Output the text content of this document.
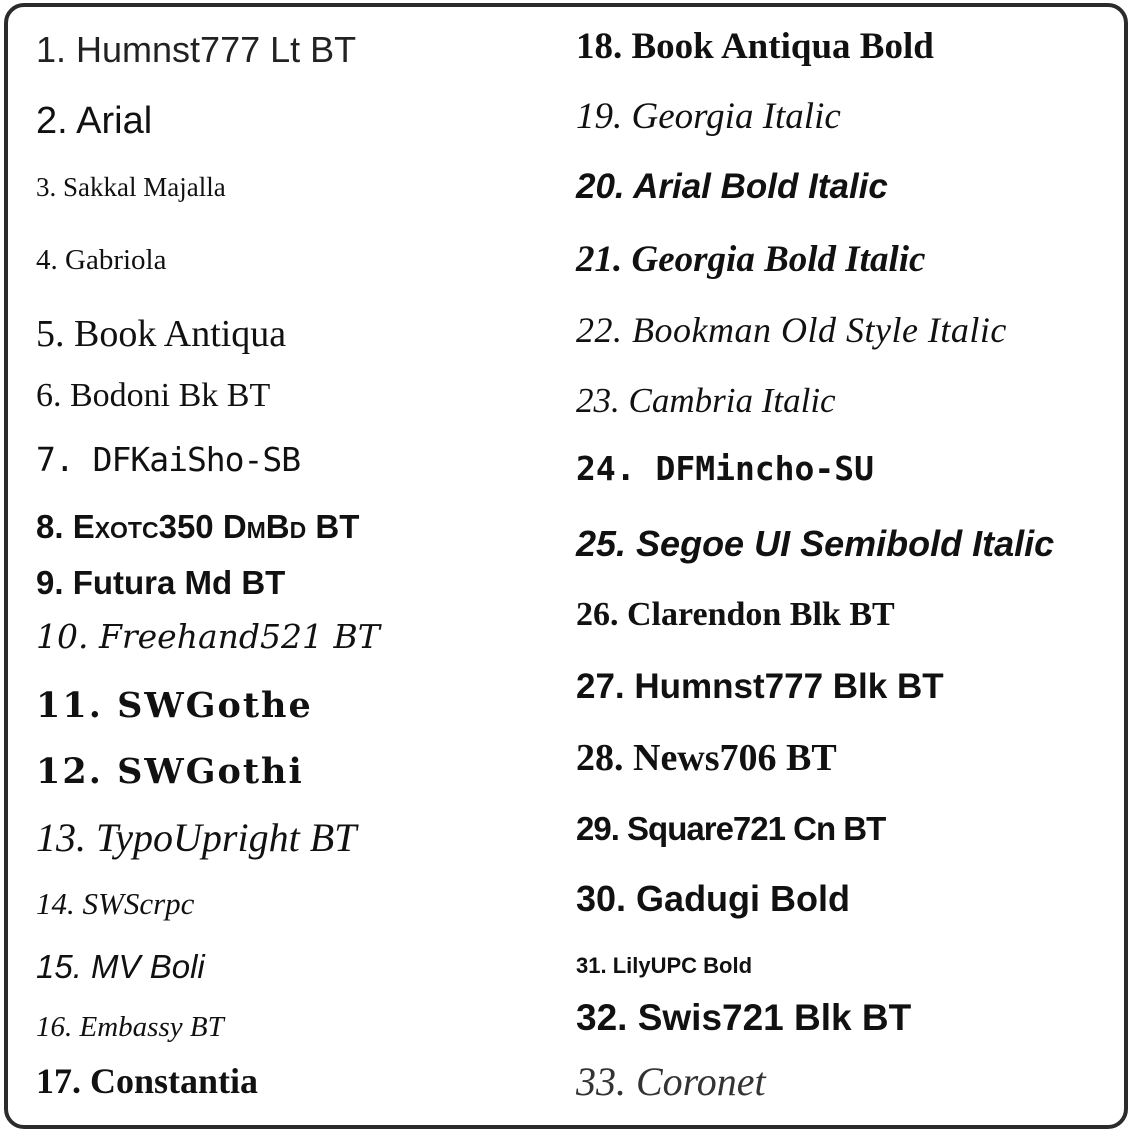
1. Humnst777 Lt BT
2. Arial
3. Sakkal Majalla
4. Gabriola
5. Book Antiqua
6. Bodoni Bk BT
7. DFKaiSho-SB
8. Exotc350 DmBd BT
9. Futura Md BT
10. Freehand521 BT
11. SWGothe
12. SWGothi
13. TypoUpright BT
14. SWScrpc
15. MV Boli
16. Embassy BT
17. Constantia
18. Book Antiqua Bold
19. Georgia Italic
20. Arial Bold Italic
21. Georgia Bold Italic
22. Bookman Old Style Italic
23. Cambria Italic
24. DFMincho-SU
25. Segoe UI Semibold Italic
26. Clarendon Blk BT
27. Humnst777 Blk BT
28. News706 BT
29. Square721 Cn BT
30. Gadugi Bold
31. LilyUPC Bold
32. Swis721 Blk BT
33. Coronet
